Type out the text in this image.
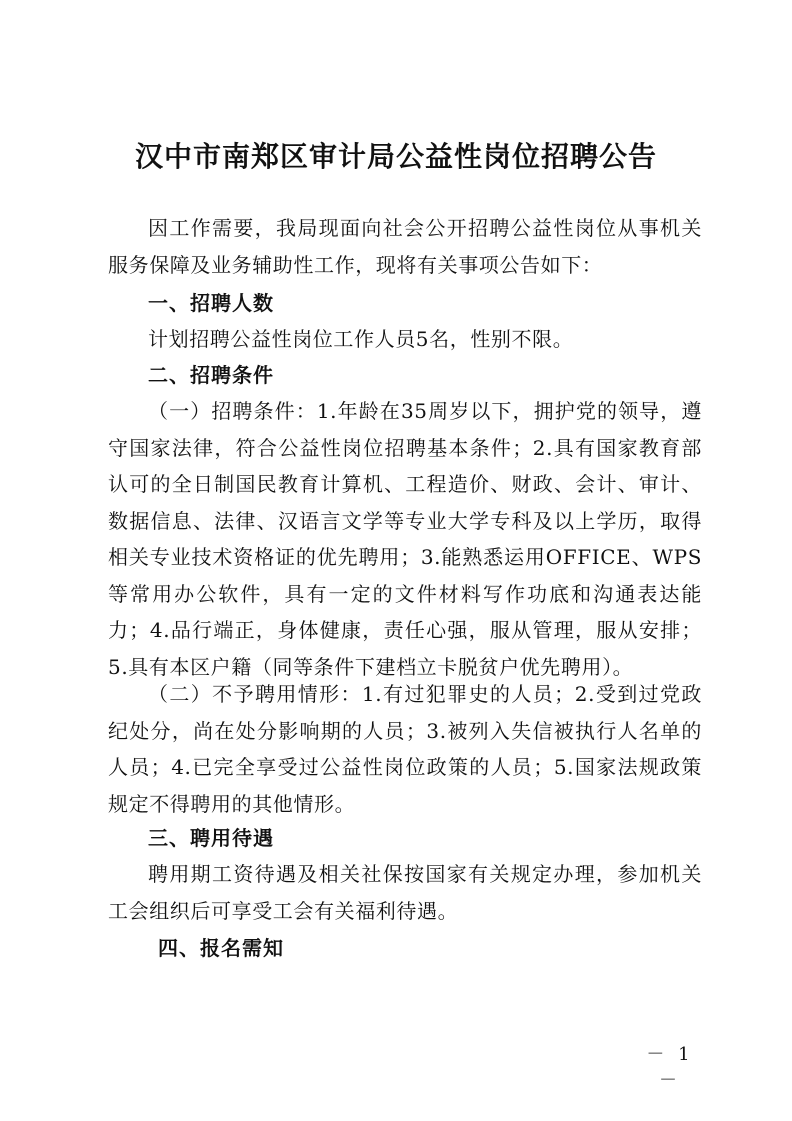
汉中市南郑区审计局公益性岗位招聘公告
因工作需要，我局现面向社会公开招聘公益性岗位从事机关服务保障及业务辅助性工作，现将有关事项公告如下：
一、招聘人数
计划招聘公益性岗位工作人员5名，性别不限。
二、招聘条件
（一）招聘条件：1.年龄在35周岁以下，拥护党的领导，遵守国家法律，符合公益性岗位招聘基本条件；2.具有国家教育部认可的全日制国民教育计算机、工程造价、财政、会计、审计、数据信息、法律、汉语言文学等专业大学专科及以上学历，取得相关专业技术资格证的优先聘用；3.能熟悉运用OFFICE、WPS等常用办公软件，具有一定的文件材料写作功底和沟通表达能力；4.品行端正，身体健康，责任心强，服从管理，服从安排；5.具有本区户籍（同等条件下建档立卡脱贫户优先聘用）。
（二）不予聘用情形：1.有过犯罪史的人员；2.受到过党政纪处分，尚在处分影响期的人员；3.被列入失信被执行人名单的人员；4.已完全享受过公益性岗位政策的人员；5.国家法规政策规定不得聘用的其他情形。
三、聘用待遇
聘用期工资待遇及相关社保按国家有关规定办理，参加机关工会组织后可享受工会有关福利待遇。
四、报名需知
－ 1 －
